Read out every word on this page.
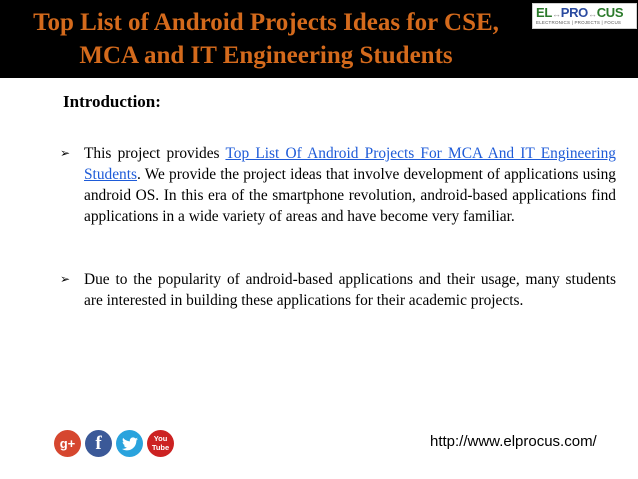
Top List of Android Projects Ideas for CSE,
MCA and IT Engineering Students
EL↔PRO↔CUS
ELECTRONICS | PROJECTS | FOCUS
Introduction:
➢ This project provides Top List Of Android Projects For MCA And IT Engineering Students. We provide the project ideas that involve development of applications using android OS. In this era of the smartphone revolution, android-based applications find applications in a wide variety of areas and have become very familiar.
➢ Due to the popularity of android-based applications and their usage, many students are interested in building these applications for their academic projects.
g+	f	You
Tube	http://www.elprocus.com/
